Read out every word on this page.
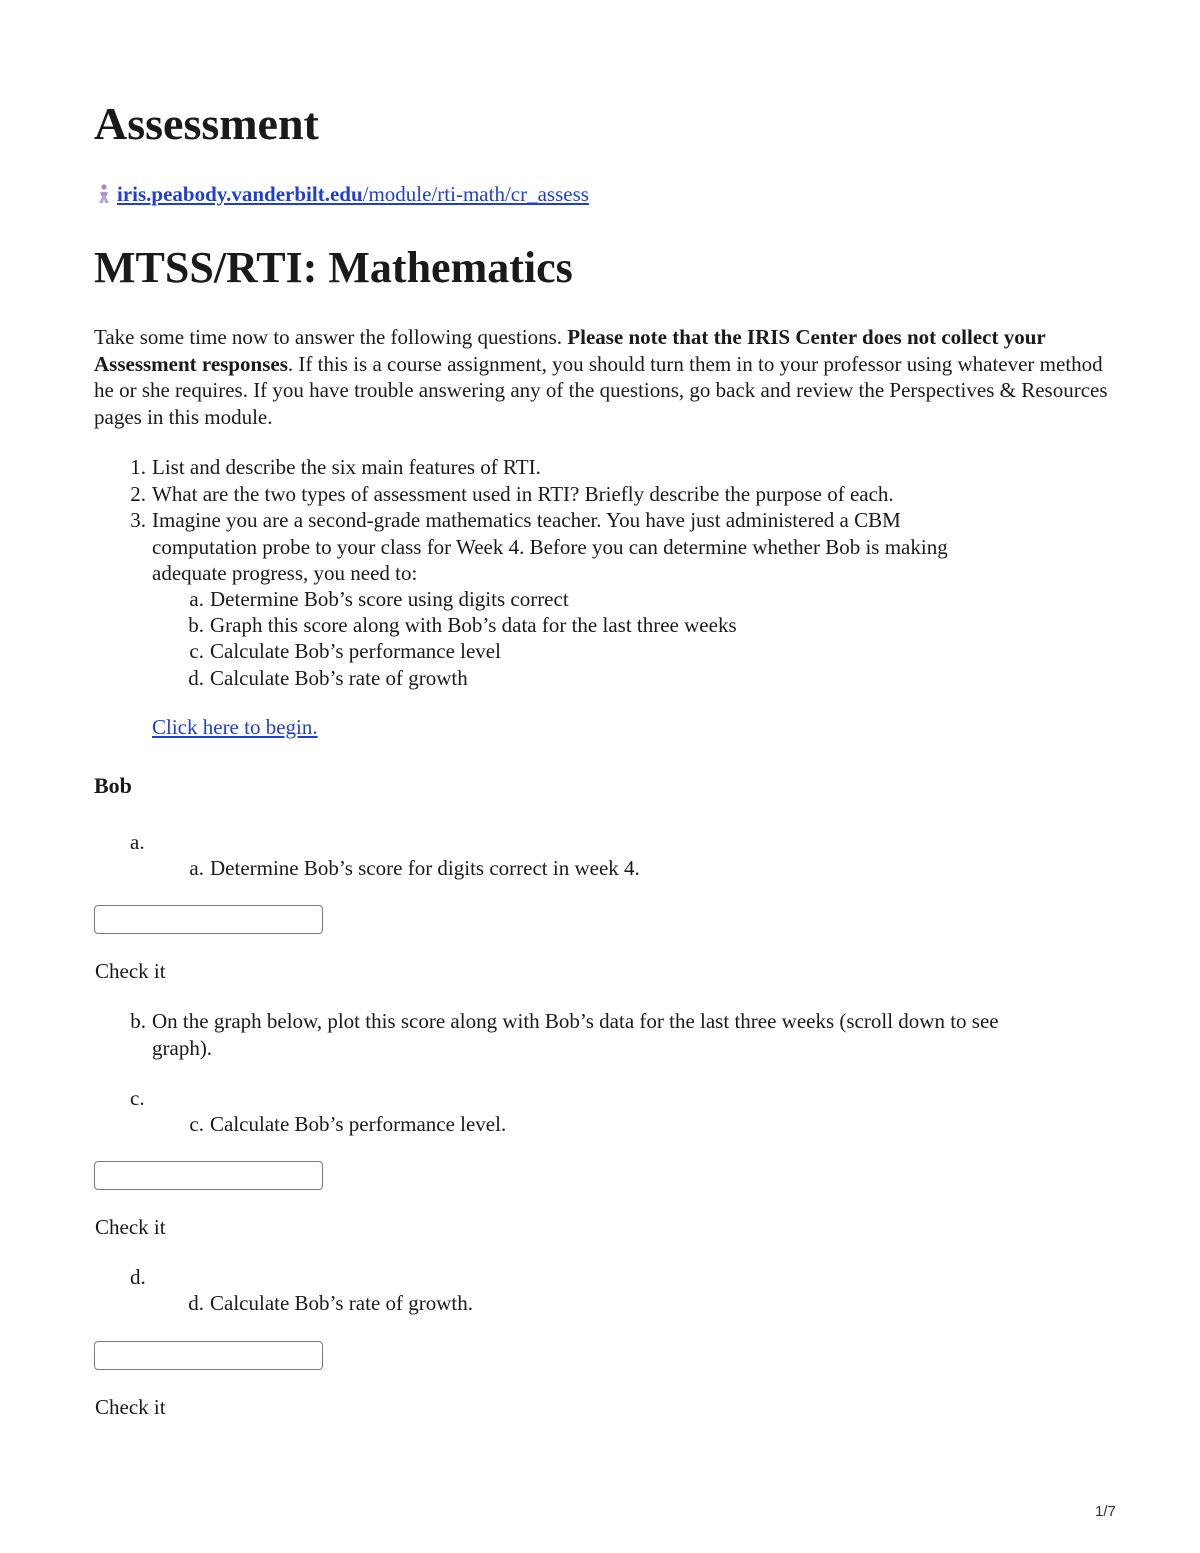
Assessment
iris.peabody.vanderbilt.edu/module/rti-math/cr_assess
MTSS/RTI: Mathematics
Take some time now to answer the following questions. Please note that the IRIS Center does not collect your Assessment responses. If this is a course assignment, you should turn them in to your professor using whatever method he or she requires. If you have trouble answering any of the questions, go back and review the Perspectives & Resources pages in this module.
1. List and describe the six main features of RTI.
2. What are the two types of assessment used in RTI? Briefly describe the purpose of each.
3. Imagine you are a second-grade mathematics teacher. You have just administered a CBM
computation probe to your class for Week 4. Before you can determine whether Bob is making
adequate progress, you need to:
a. Determine Bob’s score using digits correct
b. Graph this score along with Bob’s data for the last three weeks
c. Calculate Bob’s performance level
d. Calculate Bob’s rate of growth
Click here to begin.
Bob
a.
a. Determine Bob’s score for digits correct in week 4.
Check it
b. On the graph below, plot this score along with Bob’s data for the last three weeks (scroll down to see
graph).
c.
c. Calculate Bob’s performance level.
Check it
d.
d. Calculate Bob’s rate of growth.
Check it
1/7
